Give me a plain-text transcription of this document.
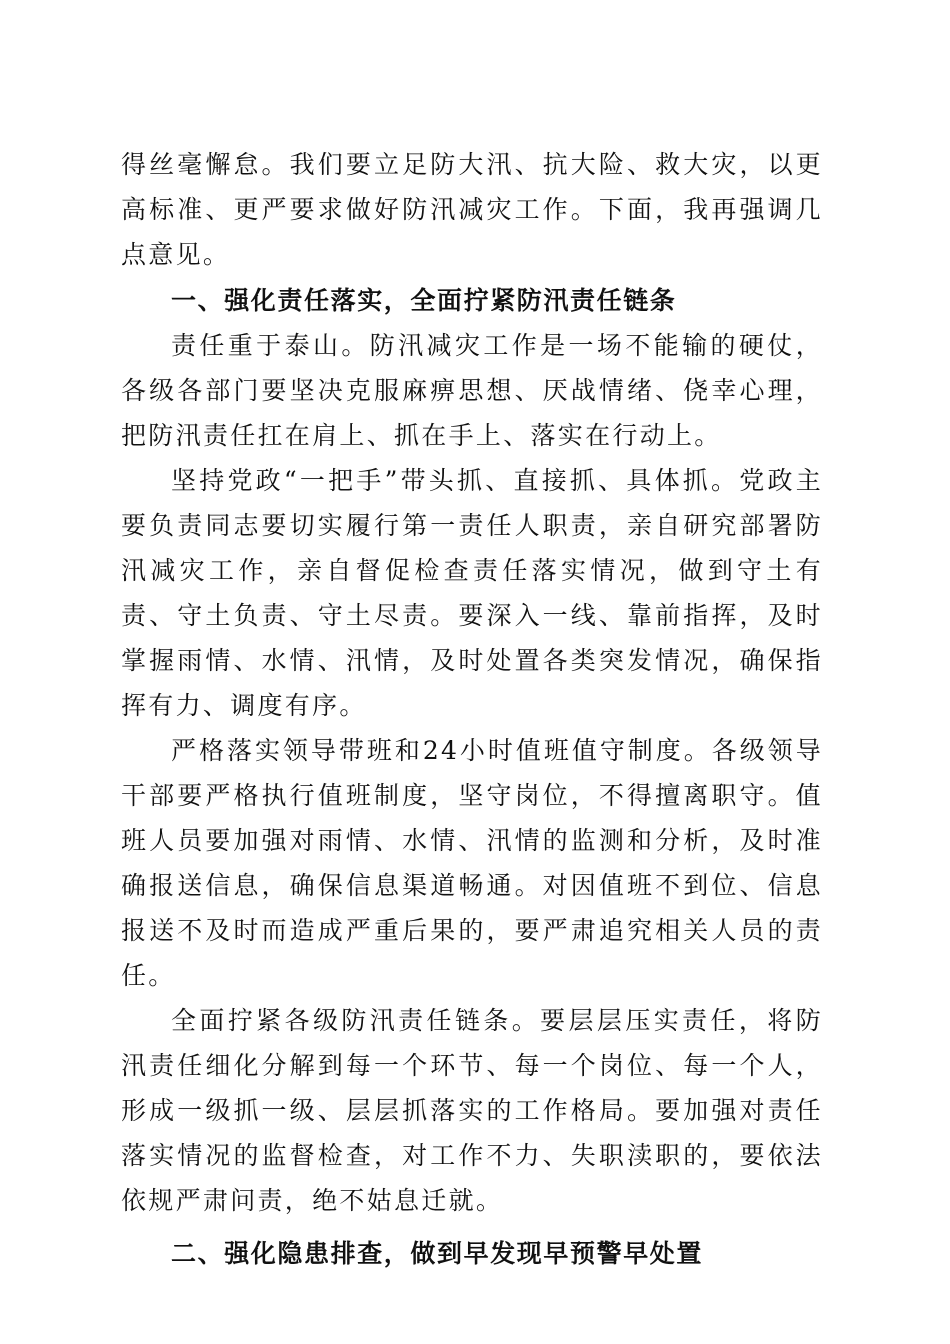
得丝毫懈怠。我们要立足防大汛、抗大险、救大灾，以更高标准、更严要求做好防汛减灾工作。下面，我再强调几点意见。

一、强化责任落实，全面拧紧防汛责任链条

责任重于泰山。防汛减灾工作是一场不能输的硬仗，各级各部门要坚决克服麻痹思想、厌战情绪、侥幸心理，把防汛责任扛在肩上、抓在手上、落实在行动上。

坚持党政“一把手”带头抓、直接抓、具体抓。党政主要负责同志要切实履行第一责任人职责，亲自研究部署防汛减灾工作，亲自督促检查责任落实情况，做到守土有责、守土负责、守土尽责。要深入一线、靠前指挥，及时掌握雨情、水情、汛情，及时处置各类突发情况，确保指挥有力、调度有序。

严格落实领导带班和24小时值班值守制度。各级领导干部要严格执行值班制度，坚守岗位，不得擅离职守。值班人员要加强对雨情、水情、汛情的监测和分析，及时准确报送信息，确保信息渠道畅通。对因值班不到位、信息报送不及时而造成严重后果的，要严肃追究相关人员的责任。

全面拧紧各级防汛责任链条。要层层压实责任，将防汛责任细化分解到每一个环节、每一个岗位、每一个人，形成一级抓一级、层层抓落实的工作格局。要加强对责任落实情况的监督检查，对工作不力、失职渎职的，要依法依规严肃问责，绝不姑息迁就。

二、强化隐患排查，做到早发现早预警早处置
